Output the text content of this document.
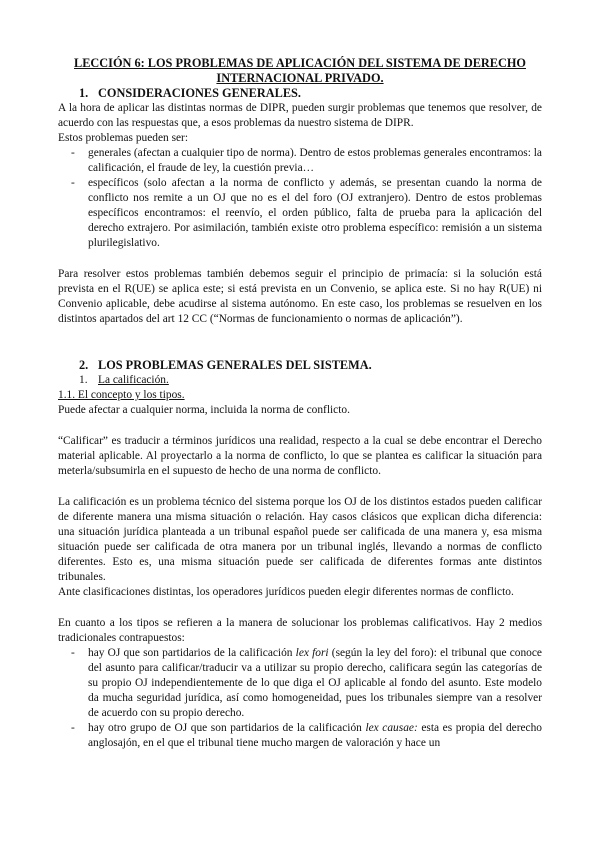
LECCIÓN 6: LOS PROBLEMAS DE APLICACIÓN DEL SISTEMA DE DERECHO

INTERNACIONAL PRIVADO.

1. CONSIDERACIONES GENERALES.

A la hora de aplicar las distintas normas de DIPR, pueden surgir problemas que tenemos que resolver, de acuerdo con las respuestas que, a esos problemas da nuestro sistema de DIPR.

Estos problemas pueden ser:

- generales (afectan a cualquier tipo de norma). Dentro de estos problemas generales encontramos: la calificación, el fraude de ley, la cuestión previa…
- específicos (solo afectan a la norma de conflicto y además, se presentan cuando la norma de conflicto nos remite a un OJ que no es el del foro (OJ extranjero). Dentro de estos problemas específicos encontramos: el reenvío, el orden público, falta de prueba para la aplicación del derecho extrajero. Por asimilación, también existe otro problema específico: remisión a un sistema plurilegislativo.

Para resolver estos problemas también debemos seguir el principio de primacía: si la solución está prevista en el R(UE) se aplica este; si está prevista en un Convenio, se aplica este. Si no hay R(UE) ni Convenio aplicable, debe acudirse al sistema autónomo. En este caso, los problemas se resuelven en los distintos apartados del art 12 CC (“Normas de funcionamiento o normas de aplicación”).

2. LOS PROBLEMAS GENERALES DEL SISTEMA.
1. La calificación.

1.1. El concepto y los tipos.

Puede afectar a cualquier norma, incluida la norma de conflicto.

“Calificar” es traducir a términos jurídicos una realidad, respecto a la cual se debe encontrar el Derecho material aplicable. Al proyectarlo a la norma de conflicto, lo que se plantea es calificar la situación para meterla/subsumirla en el supuesto de hecho de una norma de conflicto.

La calificación es un problema técnico del sistema porque los OJ de los distintos estados pueden calificar de diferente manera una misma situación o relación. Hay casos clásicos que explican dicha diferencia: una situación jurídica planteada a un tribunal español puede ser calificada de una manera y, esa misma situación puede ser calificada de otra manera por un tribunal inglés, llevando a normas de conflicto diferentes. Esto es, una misma situación puede ser calificada de diferentes formas ante distintos tribunales.

Ante clasificaciones distintas, los operadores jurídicos pueden elegir diferentes normas de conflicto.

En cuanto a los tipos se refieren a la manera de solucionar los problemas calificativos. Hay 2 medios tradicionales contrapuestos:

- hay OJ que son partidarios de la calificación lex fori (según la ley del foro): el tribunal que conoce del asunto para calificar/traducir va a utilizar su propio derecho, calificara según las categorías de su propio OJ independientemente de lo que diga el OJ aplicable al fondo del asunto. Este modelo da mucha seguridad jurídica, así como homogeneidad, pues los tribunales siempre van a resolver de acuerdo con su propio derecho.
- hay otro grupo de OJ que son partidarios de la calificación lex causae: esta es propia del derecho anglosajón, en el que el tribunal tiene mucho margen de valoración y hace un
